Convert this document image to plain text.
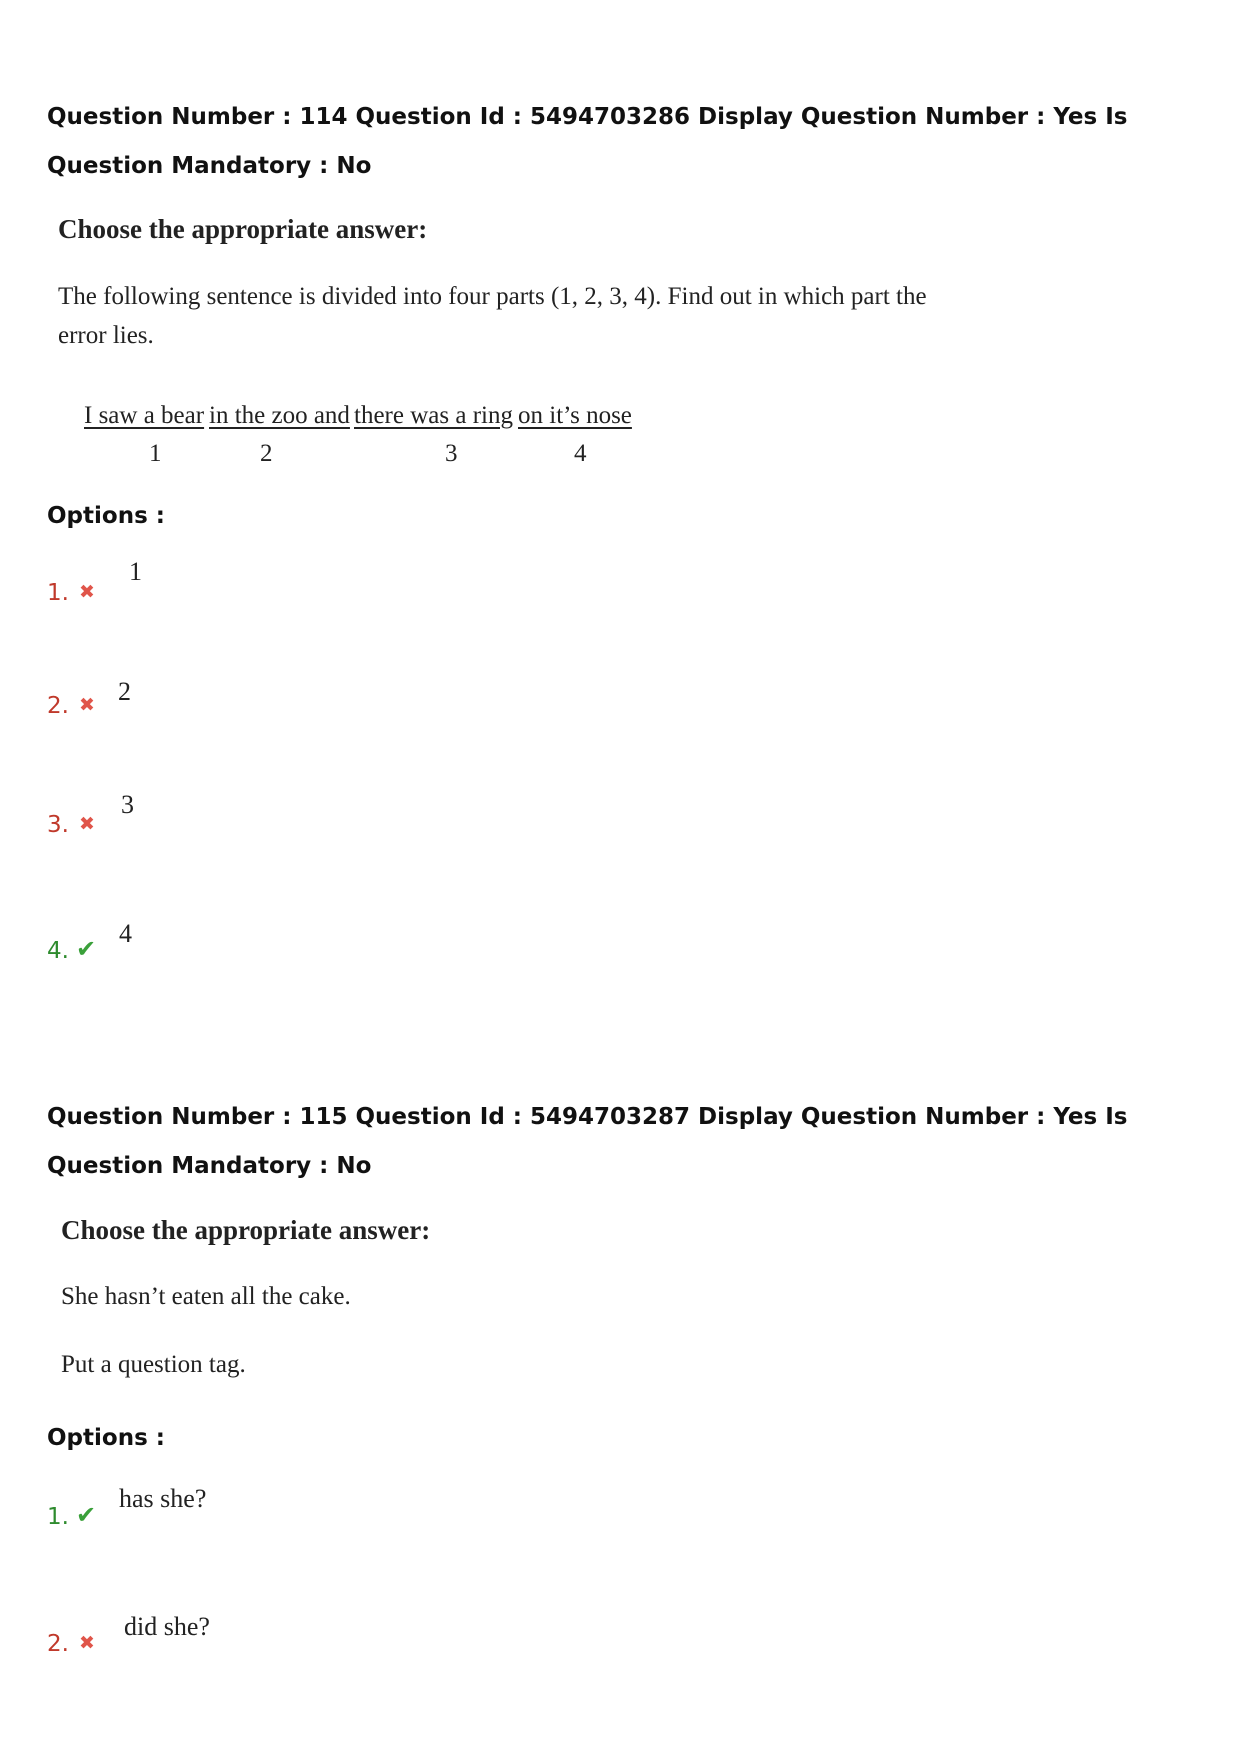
Question Number : 114 Question Id : 5494703286 Display Question Number : Yes Is Question Mandatory : No
Choose the appropriate answer:
The following sentence is divided into four parts (1, 2, 3, 4). Find out in which part the
error lies.
I saw a bear in the zoo and there was a ring on it’s nose
1	2	3	4
Options :
1. ✖
1
2. ✖ 2
3. ✖
3
4. ✔
4
Question Number : 115 Question Id : 5494703287 Display Question Number : Yes Is Question Mandatory : No
Choose the appropriate answer:
She hasn’t eaten all the cake.
Put a question tag.
Options :
1. ✔
has she?
2. ✖
did she?
